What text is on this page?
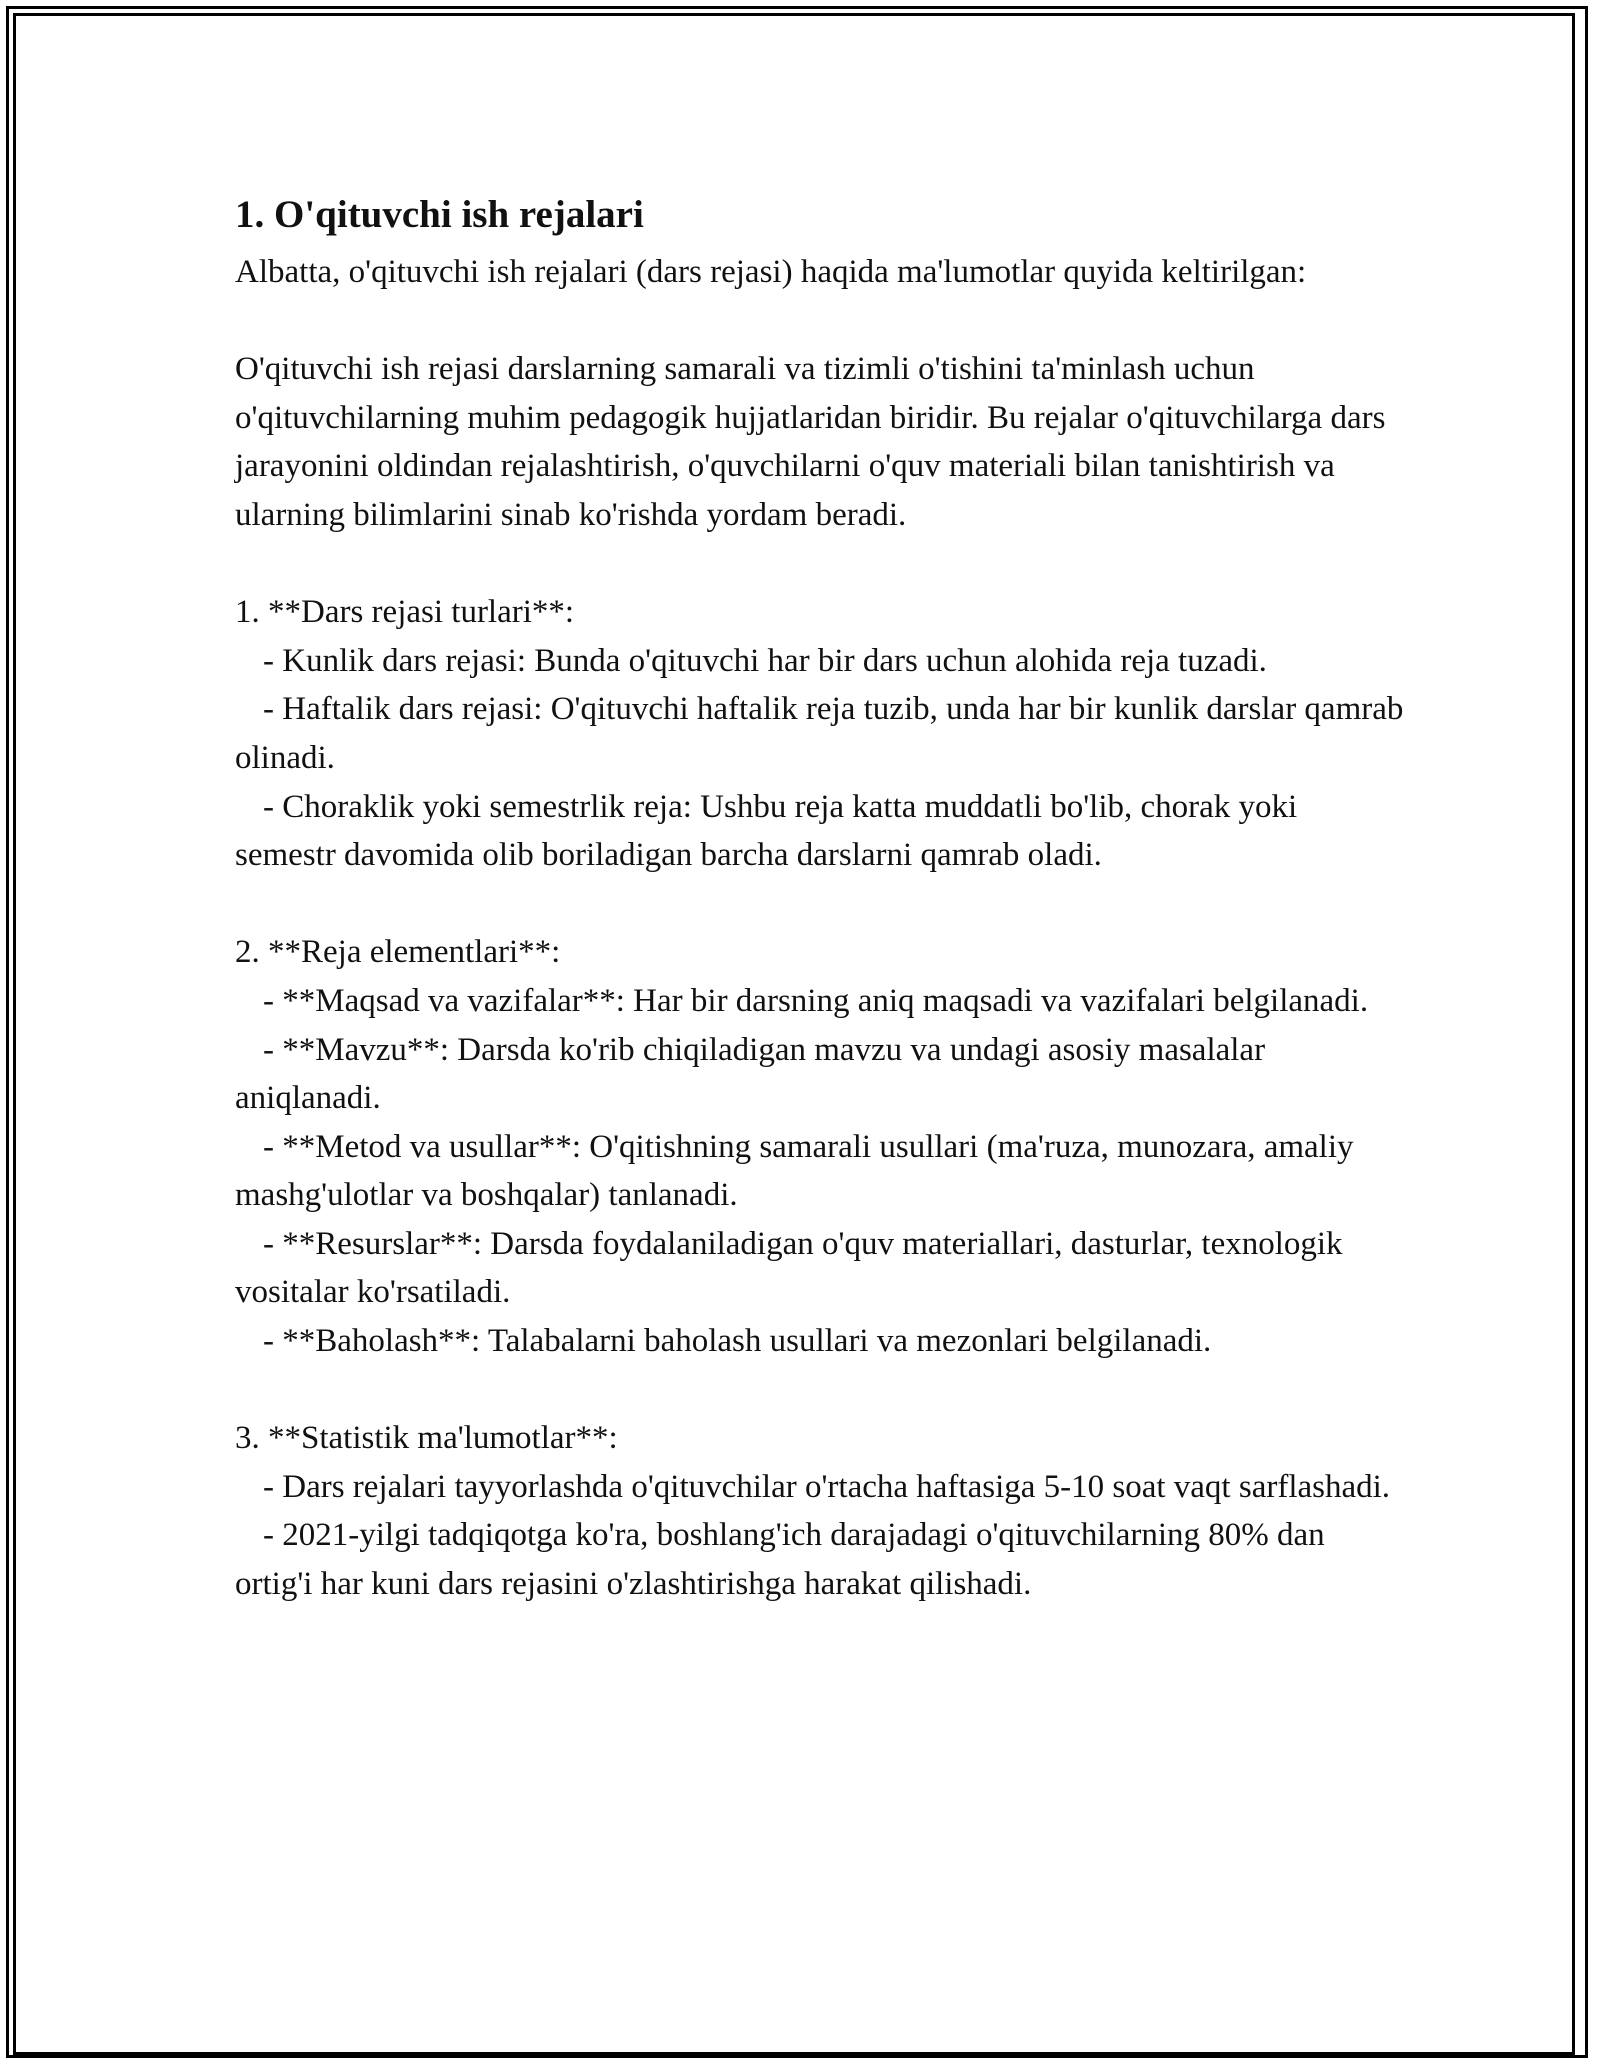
1. O'qituvchi ish rejalari

Albatta, o'qituvchi ish rejalari (dars rejasi) haqida ma'lumotlar quyida keltirilgan:

O'qituvchi ish rejasi darslarning samarali va tizimli o'tishini ta'minlash uchun o'qituvchilarning muhim pedagogik hujjatlaridan biridir. Bu rejalar o'qituvchilarga dars jarayonini oldindan rejalashtirish, o'quvchilarni o'quv materiali bilan tanishtirish va ularning bilimlarini sinab ko'rishda yordam beradi.

1. **Dars rejasi turlari**:

- Kunlik dars rejasi: Bunda o'qituvchi har bir dars uchun alohida reja tuzadi.

- Haftalik dars rejasi: O'qituvchi haftalik reja tuzib, unda har bir kunlik darslar qamrab olinadi.

- Choraklik yoki semestrlik reja: Ushbu reja katta muddatli bo'lib, chorak yoki semestr davomida olib boriladigan barcha darslarni qamrab oladi.

2. **Reja elementlari**:

- **Maqsad va vazifalar**: Har bir darsning aniq maqsadi va vazifalari belgilanadi.

- **Mavzu**: Darsda ko'rib chiqiladigan mavzu va undagi asosiy masalalar aniqlanadi.

- **Metod va usullar**: O'qitishning samarali usullari (ma'ruza, munozara, amaliy mashg'ulotlar va boshqalar) tanlanadi.

- **Resurslar**: Darsda foydalaniladigan o'quv materiallari, dasturlar, texnologik vositalar ko'rsatiladi.

- **Baholash**: Talabalarni baholash usullari va mezonlari belgilanadi.

3. **Statistik ma'lumotlar**:

- Dars rejalari tayyorlashda o'qituvchilar o'rtacha haftasiga 5-10 soat vaqt sarflashadi.

- 2021-yilgi tadqiqotga ko'ra, boshlang'ich darajadagi o'qituvchilarning 80% dan ortig'i har kuni dars rejasini o'zlashtirishga harakat qilishadi.
